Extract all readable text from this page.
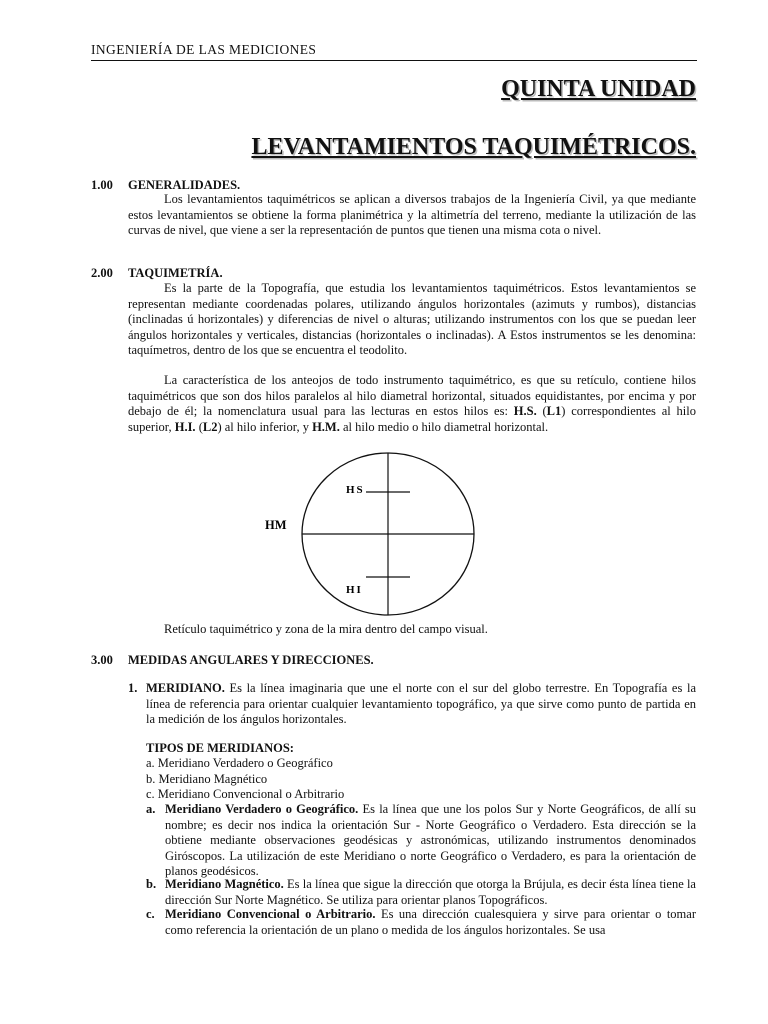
INGENIERÍA DE LAS MEDICIONES
QUINTA UNIDAD
LEVANTAMIENTOS TAQUIMÉTRICOS.
1.00 GENERALIDADES.

Los levantamientos taquimétricos se aplican a diversos trabajos de la Ingeniería Civil, ya que mediante estos levantamientos se obtiene la forma planimétrica y la altimetría del terreno, mediante la utilización de las curvas de nivel, que viene a ser la representación de puntos que tienen una misma cota o nivel.

2.00 TAQUIMETRÍA.

Es la parte de la Topografía, que estudia los levantamientos taquimétricos. Estos levantamientos se representan mediante coordenadas polares, utilizando ángulos horizontales (azimuts y rumbos), distancias (inclinadas ú horizontales) y diferencias de nivel o alturas; utilizando instrumentos con los que se puedan leer ángulos horizontales y verticales, distancias (horizontales o inclinadas). A Estos instrumentos se les denomina: taquímetros, dentro de los que se encuentra el teodolito.

La característica de los anteojos de todo instrumento taquimétrico, es que su retículo, contiene hilos taquimétricos que son dos hilos paralelos al hilo diametral horizontal, situados equidistantes, por encima y por debajo de él; la nomenclatura usual para las lecturas en estos hilos es: H.S. (L1) correspondientes al hilo superior, H.I. (L2) al hilo inferior, y H.M. al hilo medio o hilo diametral horizontal.

HS
HI
HM
Retículo taquimétrico y zona de la mira dentro del campo visual.
3.00 MEDIDAS ANGULARES Y DIRECCIONES.
1. MERIDIANO. Es la línea imaginaria que une el norte con el sur del globo terrestre. En Topografía es la línea de referencia para orientar cualquier levantamiento topográfico, ya que sirve como punto de partida en la medición de los ángulos horizontales.
TIPOS DE MERIDIANOS:
a. Meridiano Verdadero o Geográfico
b. Meridiano Magnético
c. Meridiano Convencional o Arbitrario
a. Meridiano Verdadero o Geográfico. Es la línea que une los polos Sur y Norte Geográficos, de allí su nombre; es decir nos indica la orientación Sur - Norte Geográfico o Verdadero. Esta dirección se la obtiene mediante observaciones geodésicas y astronómicas, utilizando instrumentos denominados Giróscopos. La utilización de este Meridiano o norte Geográfico o Verdadero, es para la orientación de planos geodésicos.
b. Meridiano Magnético. Es la línea que sigue la dirección que otorga la Brújula, es decir ésta línea tiene la dirección Sur Norte Magnético. Se utiliza para orientar planos Topográficos.
c. Meridiano Convencional o Arbitrario. Es una dirección cualesquiera y sirve para orientar o tomar como referencia la orientación de un plano o medida de los ángulos horizontales. Se usa
